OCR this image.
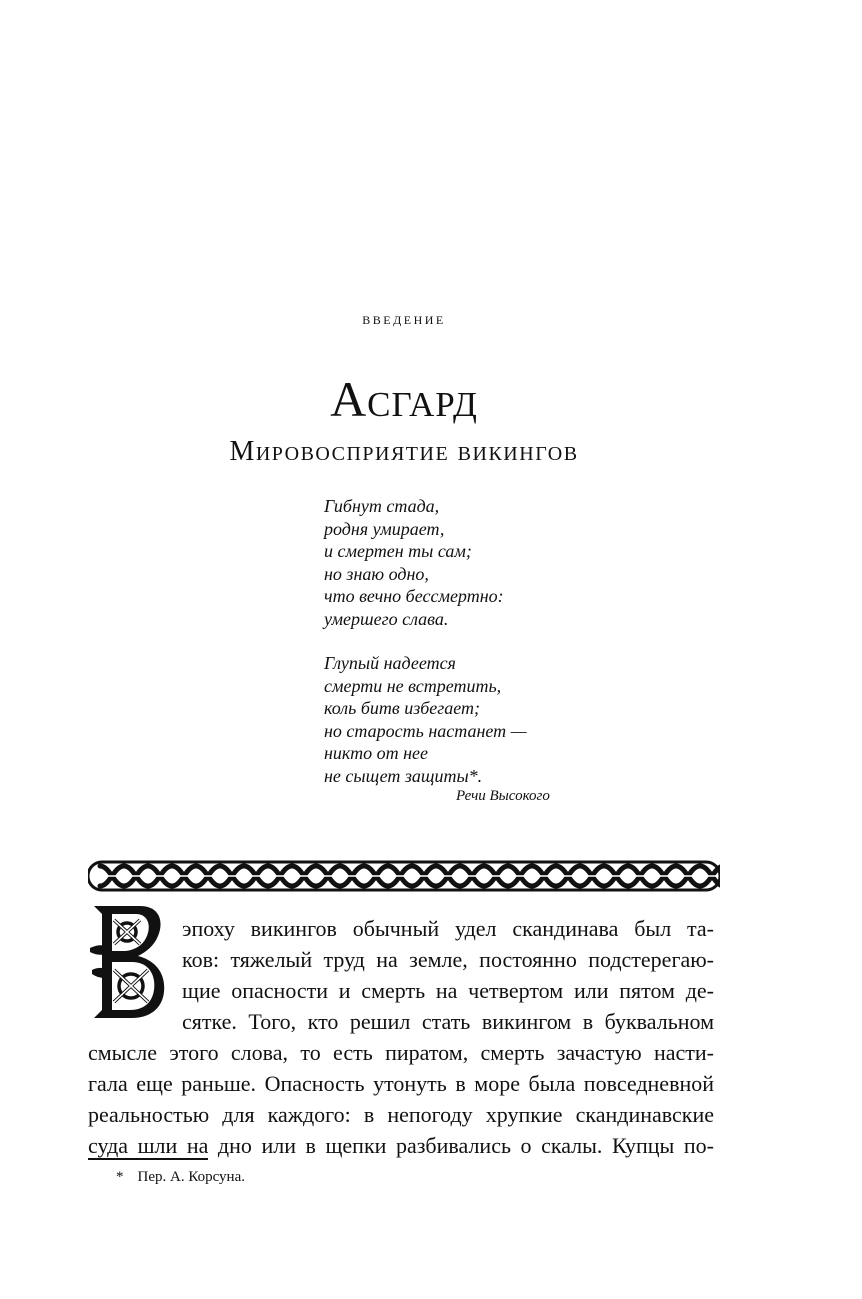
введение
Асгард
Мировосприятие викингов
Гибнут стада,
родня умирает,
и смертен ты сам;
но знаю одно,
что вечно бессмертно:
умершего слава.
Глупый надеется
смерти не встретить,
коль битв избегает;
но старость настанет —
никто от нее
не сыщет защиты*.
Речи Высокого
эпоху викингов обычный удел скандинава был та-
ков: тяжелый труд на земле, постоянно подстерегаю-
щие опасности и смерть на четвертом или пятом де-
сятке. Того, кто решил стать викингом в буквальном
смысле этого слова, то есть пиратом, смерть зачастую насти-
гала еще раньше. Опасность утонуть в море была повседневной
реальностью для каждого: в непогоду хрупкие скандинавские
суда шли на дно или в щепки разбивались о скалы. Купцы по-
* Пер. А. Корсуна.
